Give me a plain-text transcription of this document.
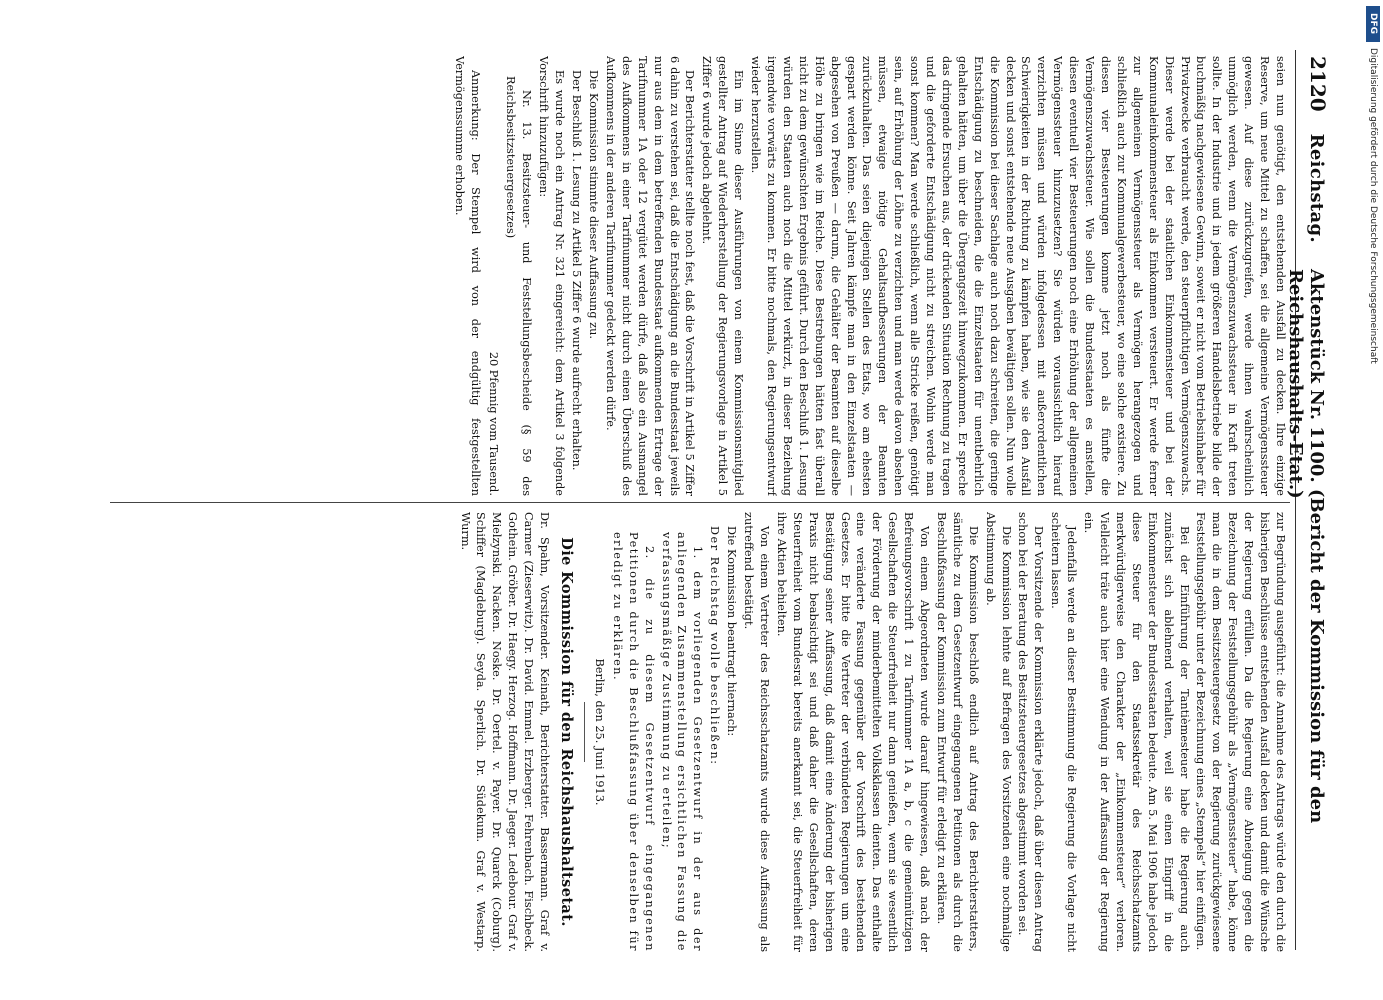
DFG
Digitalisierung gefördert durch die Deutsche Forschungsgemeinschaft
2120
Reichstag.
Aktenstück Nr. 1100. (Bericht der Kommission für den Reichshaushalts-Etat.)

seien nun genötigt, den entstehenden Ausfall zu decken. Ihre einzige Reserve, um neue Mittel zu schaffen, sei die allgemeine Vermögenssteuer gewesen. Auf diese zurückzugreifen, werde ihnen wahrscheinlich unmöglich werden, wenn die Vermögenszuwachssteuer in Kraft treten sollte. In der Industrie und in jedem größeren Handelsbetriebe bilde der buchmäßig nachgewiesene Gewinn, soweit er nicht vom Betriebsinhaber für Privatzwecke verbraucht werde, den steuerpflichtigen Vermögenszuwachs. Dieser werde bei der staatlichen Einkommensteuer und bei der Kommunaleinkommensteuer als Einkommen versteuert. Er werde ferner zur allgemeinen Vermögenssteuer als Vermögen herangezogen und schließlich auch zur Kommunalgewerbesteuer, wo eine solche existiere. Zu diesen vier Besteuerungen komme jetzt noch als fünfte die Vermögenszuwachssteuer. Wie sollen die Bundesstaaten es anstellen, diesen eventuell vier Besteuerungen noch eine Erhöhung der allgemeinen Vermögenssteuer hinzuzusetzen? Sie würden voraussichtlich hierauf verzichten müssen und würden infolgedessen mit außerordentlichen Schwierigkeiten in der Richtung zu kämpfen haben, wie sie den Ausfall decken und sonst entstehende neue Ausgaben bewältigen sollen. Nun wolle die Kommission bei dieser Sachlage auch noch dazu schreiten, die geringe Entschädigung zu beschneiden, die die Einzelstaaten für unentbehrlich gehalten hätten, um über die Übergangszeit hinwegzukommen. Er spreche das dringende Ersuchen aus, der drückenden Situation Rechnung zu tragen und die geforderte Entschädigung nicht zu streichen. Wohin werde man sonst kommen? Man werde schließlich, wenn alle Stricke reißen, genötigt sein, auf Erhöhung der Löhne zu verzichten und man werde davon absehen müssen, etwaige nötige Gehaltsaufbesserungen der Beamten zurückzuhalten. Das seien diejenigen Stellen des Etats, wo am ehesten gespart werden könne. Seit Jahren kämpfe man in den Einzelstaaten — abgesehen von Preußen — darum, die Gehälter der Beamten auf dieselbe Höhe zu bringen wie im Reiche. Diese Bestrebungen hätten fast überall nicht zu dem gewünschten Ergebnis geführt. Durch den Beschluß 1. Lesung würden den Staaten auch noch die Mittel verkürzt, in dieser Beziehung irgendwie vorwärts zu kommen. Er bitte nochmals, den Regierungsentwurf wieder herzustellen.

Ein im Sinne dieser Ausführungen von einem Kommissionsmitglied gestellter Antrag auf Wiederherstellung der Regierungsvorlage in Artikel 5 Ziffer 6 wurde jedoch abgelehnt.

Der Berichterstatter stellte noch fest, daß die Vorschrift in Artikel 5 Ziffer 6 dahin zu verstehen sei, daß die Entschädigung an die Bundesstaat jeweils nur aus dem in dem betreffenden Bundesstaat aufkommenden Ertrage der Tarifnummer 1A oder 12 vergütet werden dürfe, daß also ein Ausmangel des Aufkommens in einer Tarifnummer nicht durch einen Überschuß des Aufkommens in der anderen Tarifnummer gedeckt werden dürfe.

Die Kommission stimmte dieser Auffassung zu.

Der Beschluß 1. Lesung zu Artikel 5 Ziffer 6 wurde aufrecht erhalten.

Es wurde noch ein Antrag Nr. 321 eingereicht: dem Artikel 3 folgende Vorschrift hinzuzufügen:

Nr. 13. Besitzsteuer- und Feststellungsbescheide (§ 59 des Reichsbesitzsteuergesetzes)

20 Pfennig vom Tausend.

Anmerkung: Der Stempel wird von der endgültig festgestellten Vermögenssumme erhoben.

zur Begründung ausgeführt: die Annahme des Antrags würde den durch die bisherigen Beschlüsse entstehenden Ausfall decken und damit die Wünsche der Regierung erfüllen. Da die Regierung eine Abneigung gegen die Bezeichnung der Feststellungsgebühr als „Vermögenssteuer“ habe, könne man die in dem Besitzsteuergesetz von der Regierung zurückgewiesene Feststellungsgebühr unter der Bezeichnung eines „Stempels“ hier einfügen.

Bei der Einführung der Tantièmesteuer habe die Regierung auch zunächst sich ablehnend verhalten, weil sie einen Eingriff in die Einkommensteuer der Bundesstaaten bedeute. Am 5. Mai 1906 habe jedoch diese Steuer für den Staatssekretär des Reichsschatzamts merkwürdigerweise den Charakter der „Einkommensteuer“ verloren. Vielleicht träte auch hier eine Wendung in der Auffassung der Regierung ein.

Jedenfalls werde an dieser Bestimmung die Regierung die Vorlage nicht scheitern lassen.

Der Vorsitzende der Kommission erklärte jedoch, daß über diesen Antrag schon bei der Beratung des Besitzsteuergesetzes abgestimmt worden sei.

Die Kommission lehnte auf Befragen des Vorsitzenden eine nochmalige Abstimmung ab.

Die Kommission beschloß endlich auf Antrag des Berichterstatters, sämtliche zu dem Gesetzentwurf eingegangenen Petitionen als durch die Beschlußfassung der Kommission zum Entwurf für erledigt zu erklären.

Von einem Abgeordneten wurde darauf hingewiesen, daß nach der Befreiungsvorschrift 1 zu Tarifnummer 1A a, b, c die gemeinnützigen Gesellschaften die Steuerfreiheit nur dann genießen, wenn sie wesentlich der Förderung der minderbemittelten Volksklassen dienten. Das enthalte eine veränderte Fassung gegenüber der Vorschrift des bestehenden Gesetzes. Er bitte die Vertreter der verbündeten Regierungen um eine Bestätigung seiner Auffassung, daß damit eine Änderung der bisherigen Praxis nicht beabsichtigt sei und daß daher die Gesellschaften, deren Steuerfreiheit vom Bundesrat bereits anerkannt sei, die Steuerfreiheit für ihre Aktien behielten.

Von einem Vertreter des Reichsschatzamts wurde diese Auffassung als zutreffend bestätigt.

Die Kommission beantragt hiernach:

Der Reichstag wolle beschließen:

1. dem vorliegenden Gesetzentwurf in der aus der anliegenden Zusammenstellung ersichtlichen Fassung die verfassungsmäßige Zustimmung zu erteilen;

2. die zu diesem Gesetzentwurf eingegangenen Petitionen durch die Beschlußfassung über denselben für erledigt zu erklären.

Berlin, den 25. Juni 1913.
Die Kommission für den Reichshaushaltsetat.
Dr. Spahn, Vorsitzender. Keinath, Berichterstatter. Bassermann. Graf v. Carmer (Zieserwitz). Dr. David. Emmel. Erzberger. Fehrenbach. Fischbeck. Gothein. Gröber. Dr. Haegy. Herzog. Hoffmann. Dr. Jaeger. Ledebour. Graf v. Mielzynski. Nacken. Noske. Dr. Oertel. v. Payer. Dr. Quarck (Coburg). Schiffer (Magdeburg). Seyda. Sperlich. Dr. Südekum. Graf v. Westarp. Wurm.
